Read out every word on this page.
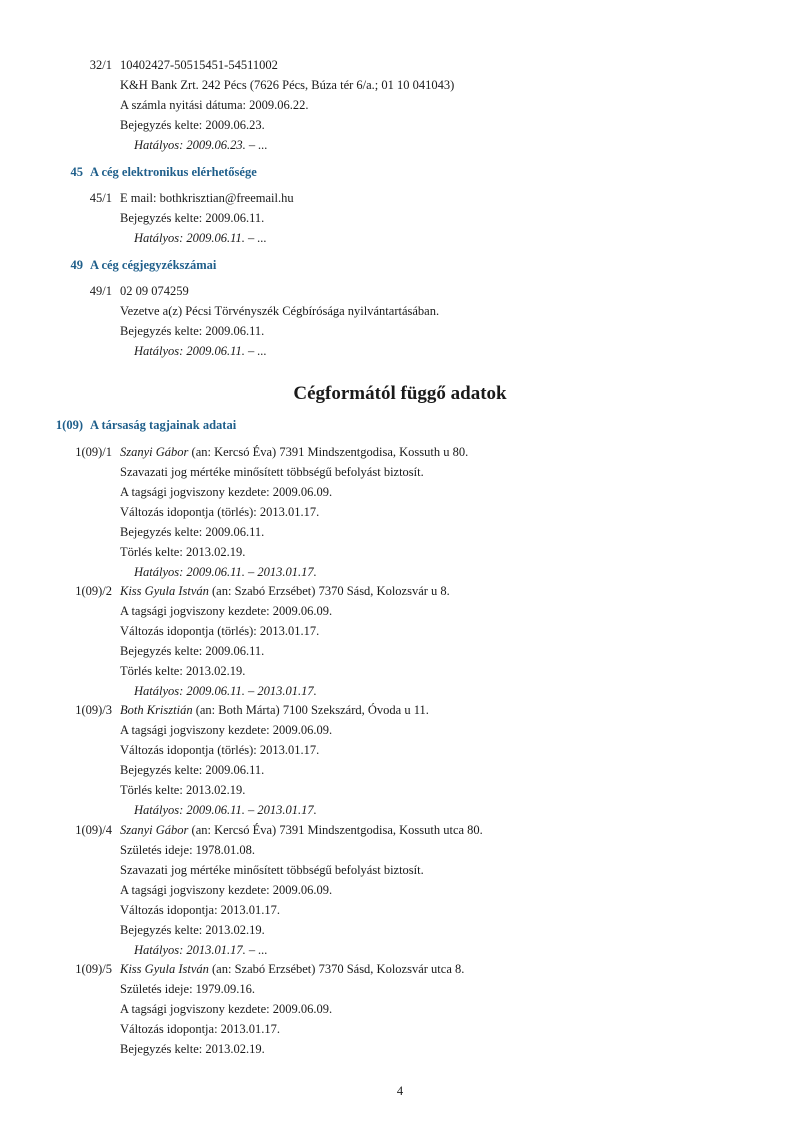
32/1 10402427-50515451-54511002
K&H Bank Zrt. 242 Pécs (7626 Pécs, Búza tér 6/a.; 01 10 041043)
A számla nyitási dátuma: 2009.06.22.
Bejegyzés kelte: 2009.06.23.
Hatályos: 2009.06.23. – ...
45 A cég elektronikus elérhetősége
45/1 E mail: bothkrisztian@freemail.hu
Bejegyzés kelte: 2009.06.11.
Hatályos: 2009.06.11. – ...
49 A cég cégjegyzékszámai
49/1 02 09 074259
Vezetve a(z) Pécsi Törvényszék Cégbírósága nyilvántartásában.
Bejegyzés kelte: 2009.06.11.
Hatályos: 2009.06.11. – ...
Cégformától függő adatok
1(09) A társaság tagjainak adatai
1(09)/1 Szanyi Gábor (an: Kercsó Éva) 7391 Mindszentgodisa, Kossuth u 80.
Szavazati jog mértéke minősített többségű befolyást biztosít.
A tagsági jogviszony kezdete: 2009.06.09.
Változás idopontja (törlés): 2013.01.17.
Bejegyzés kelte: 2009.06.11.
Törlés kelte: 2013.02.19.
Hatályos: 2009.06.11. – 2013.01.17.
1(09)/2 Kiss Gyula István (an: Szabó Erzsébet) 7370 Sásd, Kolozsvár u 8.
A tagsági jogviszony kezdete: 2009.06.09.
Változás idopontja (törlés): 2013.01.17.
Bejegyzés kelte: 2009.06.11.
Törlés kelte: 2013.02.19.
Hatályos: 2009.06.11. – 2013.01.17.
1(09)/3 Both Krisztián (an: Both Márta) 7100 Szekszárd, Óvoda u 11.
A tagsági jogviszony kezdete: 2009.06.09.
Változás idopontja (törlés): 2013.01.17.
Bejegyzés kelte: 2009.06.11.
Törlés kelte: 2013.02.19.
Hatályos: 2009.06.11. – 2013.01.17.
1(09)/4 Szanyi Gábor (an: Kercsó Éva) 7391 Mindszentgodisa, Kossuth utca 80.
Születés ideje: 1978.01.08.
Szavazati jog mértéke minősített többségű befolyást biztosít.
A tagsági jogviszony kezdete: 2009.06.09.
Változás idopontja: 2013.01.17.
Bejegyzés kelte: 2013.02.19.
Hatályos: 2013.01.17. – ...
1(09)/5 Kiss Gyula István (an: Szabó Erzsébet) 7370 Sásd, Kolozsvár utca 8.
Születés ideje: 1979.09.16.
A tagsági jogviszony kezdete: 2009.06.09.
Változás idopontja: 2013.01.17.
Bejegyzés kelte: 2013.02.19.
4
